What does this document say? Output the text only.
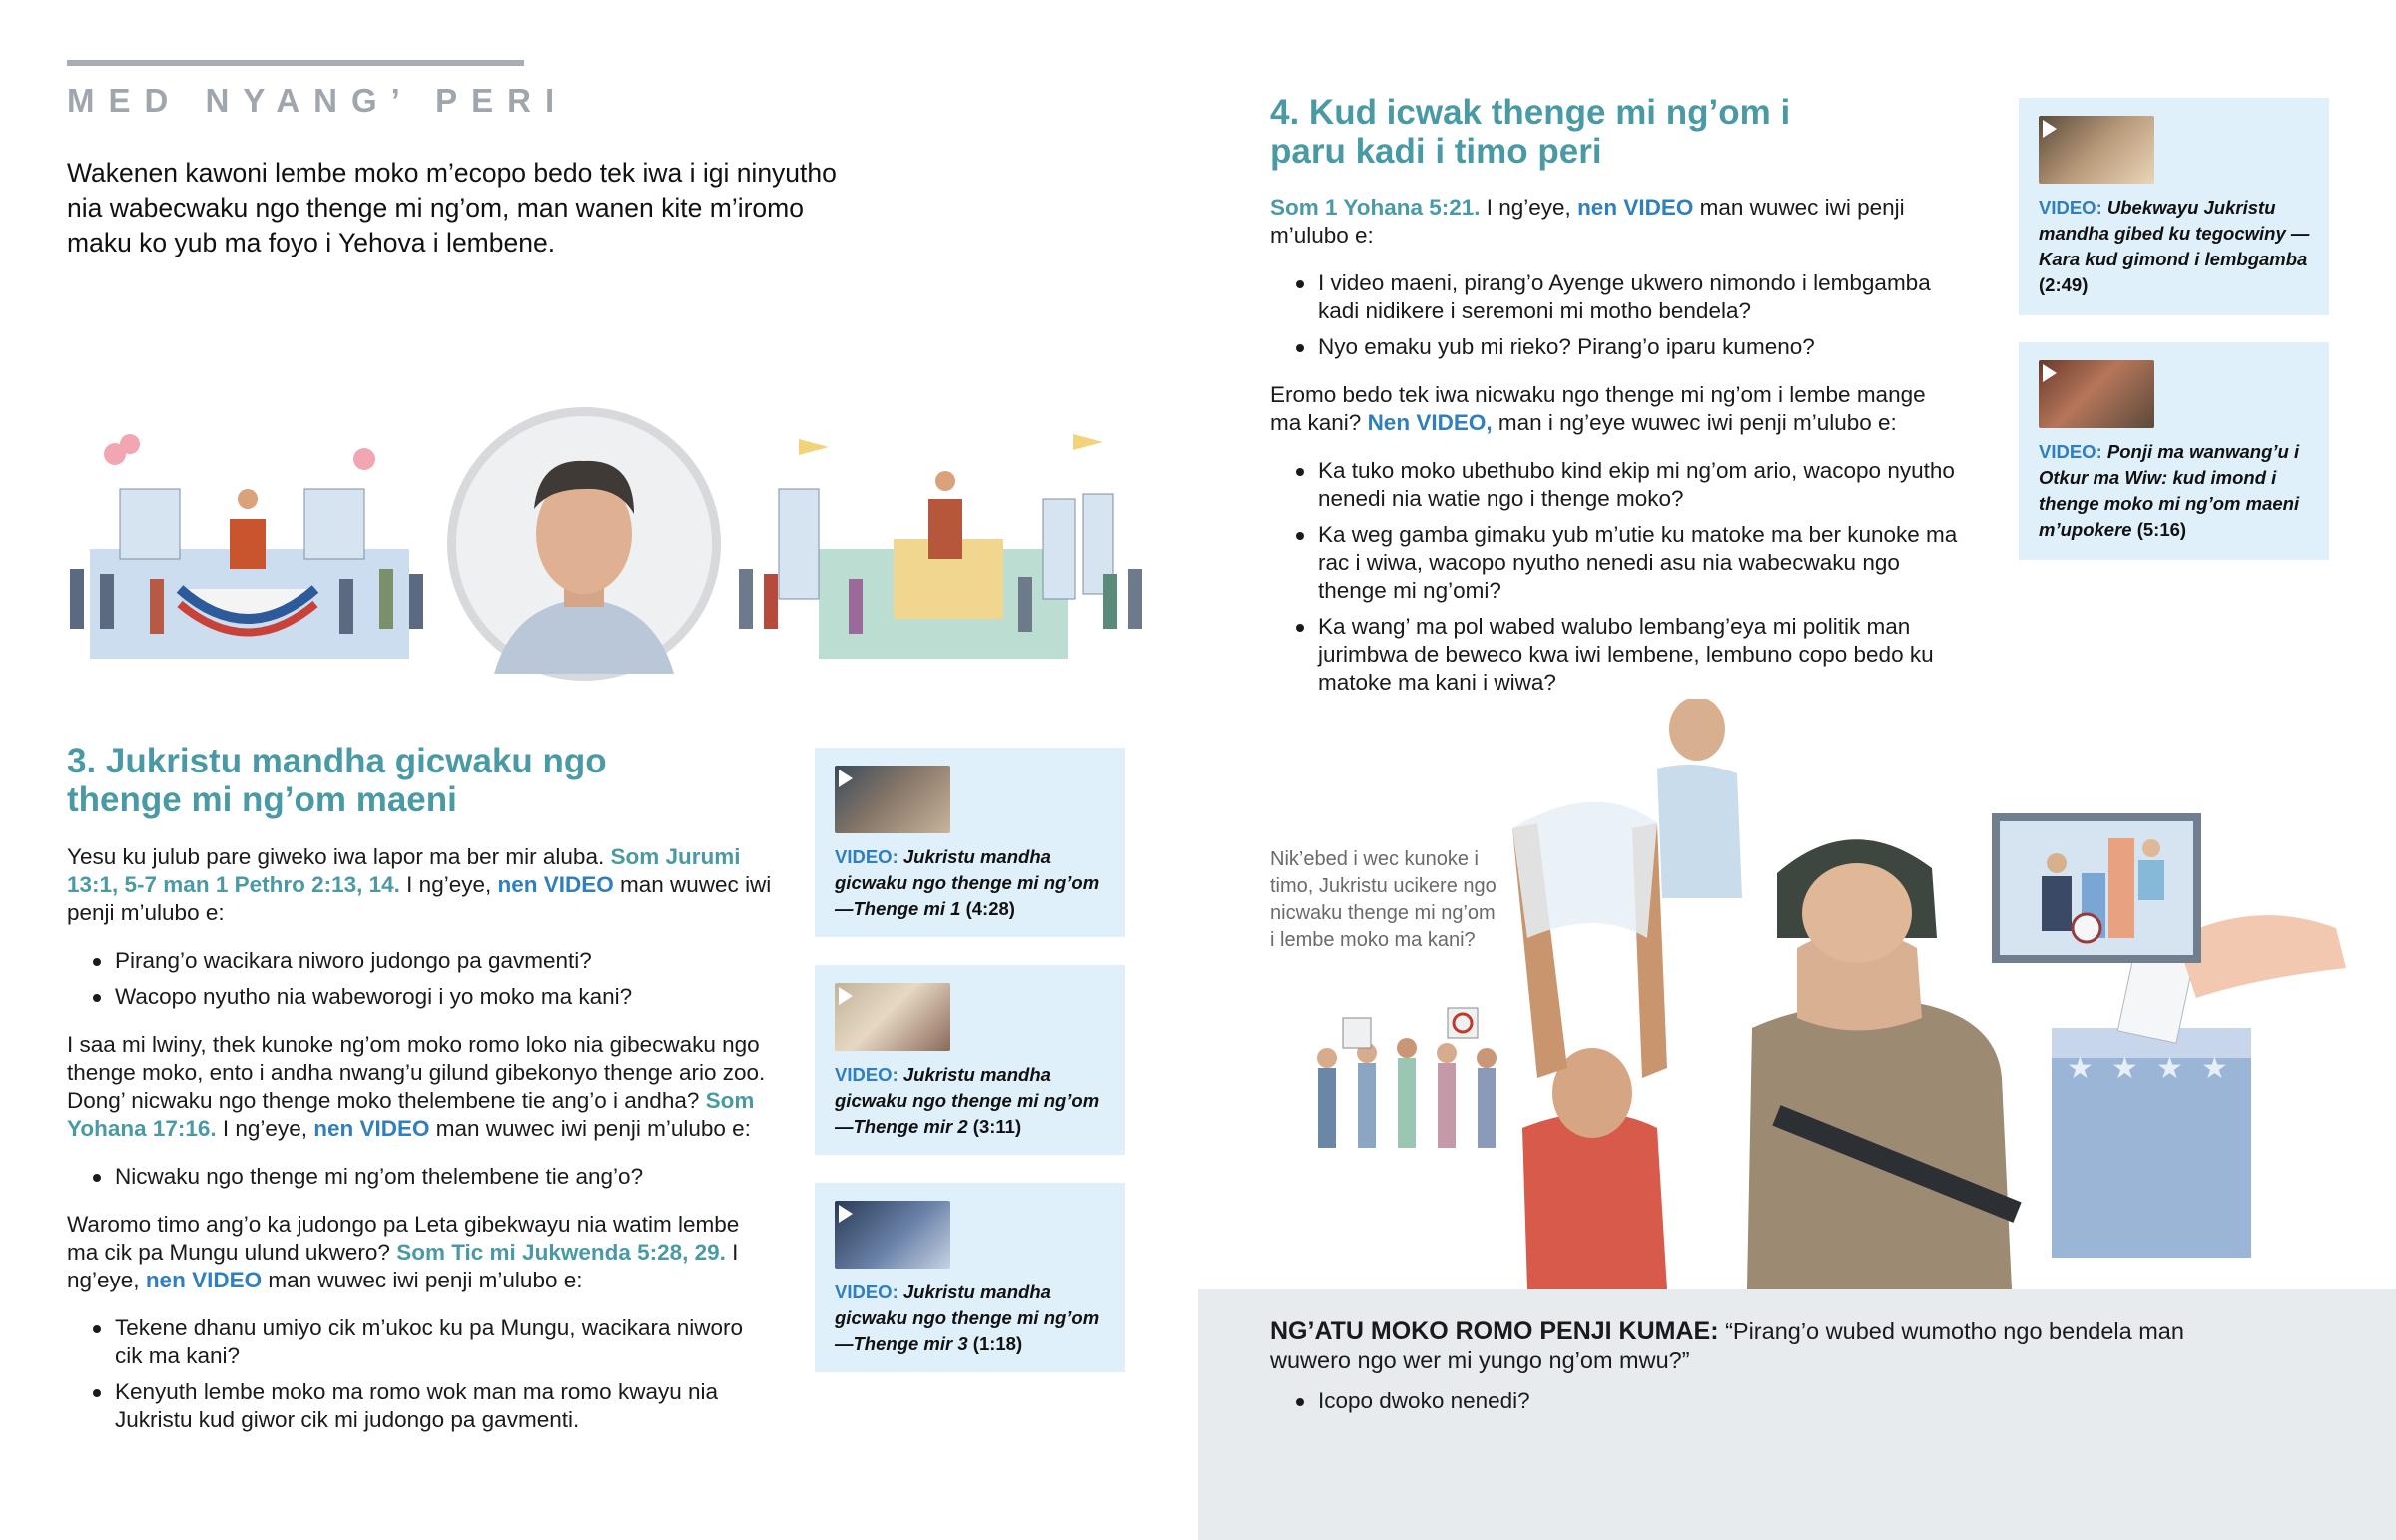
MED NYANG’ PERI
Wakenen kawoni lembe moko m’ecopo bedo tek iwa i igi ninyutho nia wabecwaku ngo thenge mi ng’om, man wanen kite m’iromo maku ko yub ma foyo i Yehova i lembene.
3. Jukristu mandha gicwaku ngo
thenge mi ng’om maeni
Yesu ku julub pare giweko iwa lapor ma ber mir aluba. Som Jurumi 13:1, 5-7 man 1 Pethro 2:13, 14. I ng’eye, nen VIDEO man wuwec iwi penji m’ulubo e:
Pirang’o wacikara niworo judongo pa gavmenti?
Wacopo nyutho nia wabeworogi i yo moko ma kani?
I saa mi lwiny, thek kunoke ng’om moko romo loko nia gibecwaku ngo thenge moko, ento i andha nwang’u gilund gibekonyo thenge ario zoo. Dong’ nicwaku ngo thenge moko thelembene tie ang’o i andha? Som Yohana 17:16. I ng’eye, nen VIDEO man wuwec iwi penji m’ulubo e:
Nicwaku ngo thenge mi ng’om thelembene tie ang’o?
Waromo timo ang’o ka judongo pa Leta gibekwayu nia watim lembe ma cik pa Mungu ulund ukwero? Som Tic mi Jukwenda 5:28, 29. I ng’eye, nen VIDEO man wuwec iwi penji m’ulubo e:
Tekene dhanu umiyo cik m’ukoc ku pa Mungu, wacikara niworo cik ma kani?
Kenyuth lembe moko ma romo wok man ma romo kwayu nia Jukristu kud giwor cik mi judongo pa gavmenti.
VIDEO: Jukristu mandha gicwaku ngo thenge mi ng’om —Thenge mi 1 (4:28)
VIDEO: Jukristu mandha gicwaku ngo thenge mi ng’om —Thenge mir 2 (3:11)
VIDEO: Jukristu mandha gicwaku ngo thenge mi ng’om —Thenge mir 3 (1:18)
4. Kud icwak thenge mi ng’om i
paru kadi i timo peri
Som 1 Yohana 5:21. I ng’eye, nen VIDEO man wuwec iwi penji m’ulubo e:
I video maeni, pirang’o Ayenge ukwero nimondo i lembgamba kadi nidikere i seremoni mi motho bendela?
Nyo emaku yub mi rieko? Pirang’o iparu kumeno?
Eromo bedo tek iwa nicwaku ngo thenge mi ng’om i lembe mange ma kani? Nen VIDEO, man i ng’eye wuwec iwi penji m’ulubo e:
Ka tuko moko ubethubo kind ekip mi ng’om ario, wacopo nyutho nenedi nia watie ngo i thenge moko?
Ka weg gamba gimaku yub m’utie ku matoke ma ber kunoke ma rac i wiwa, wacopo nyutho nenedi asu nia wabecwaku ngo thenge mi ng’omi?
Ka wang’ ma pol wabed walubo lembang’eya mi politik man jurimbwa de beweco kwa iwi lembene, lembuno copo bedo ku matoke ma kani i wiwa?
VIDEO: Ubekwayu Jukristu mandha gibed ku tegocwiny —Kara kud gimond i lembgamba (2:49)
VIDEO: Ponji ma wanwang’u i Otkur ma Wiw: kud imond i thenge moko mi ng’om maeni m’upokere (5:16)
★ ★ ★ ★
Nik’ebed i wec kunoke i timo, Jukristu ucikere ngo nicwaku thenge mi ng’om i lembe moko ma kani?
NG’ATU MOKO ROMO PENJI KUMAE: “Pirang’o wubed wumotho ngo bendela man wuwero ngo wer mi yungo ng’om mwu?”
Icopo dwoko nenedi?
